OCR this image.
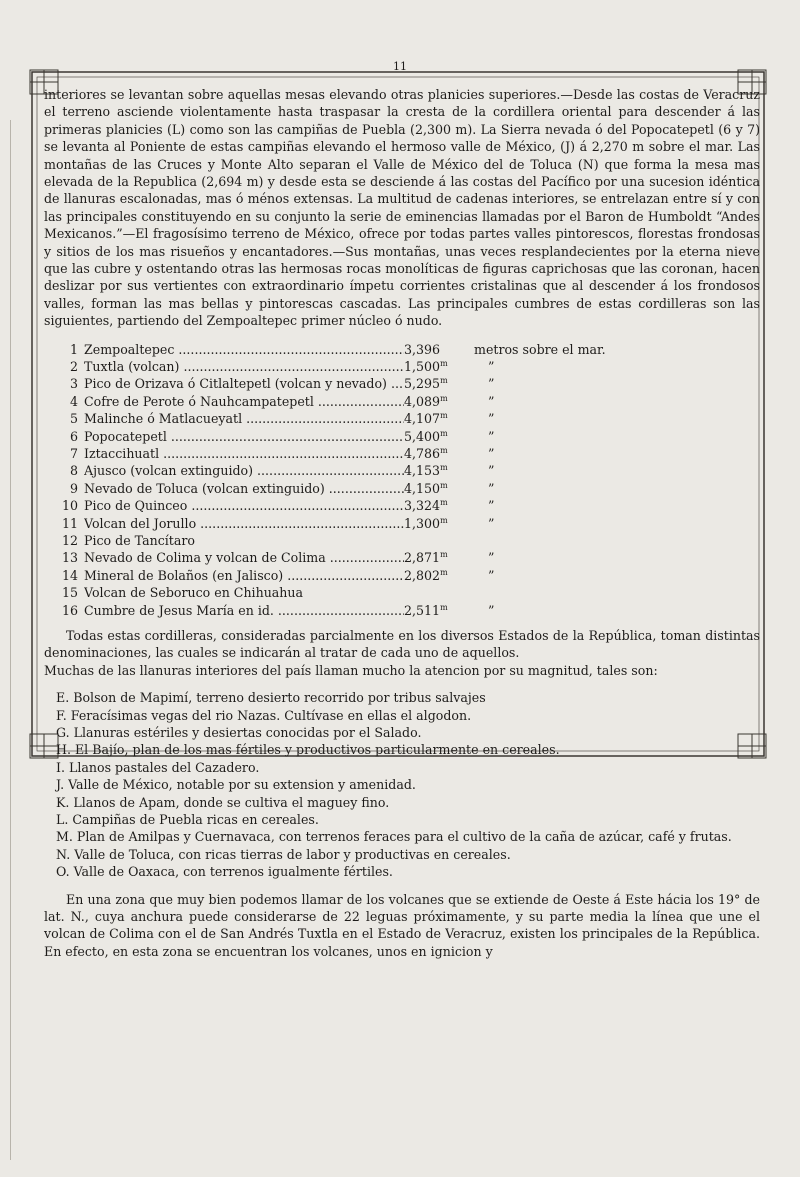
11

interiores se levantan sobre aquellas mesas elevando otras planicies superiores.—Desde las costas de Veracruz el terreno asciende violentamente hasta traspasar la cresta de la cordillera oriental para descender á las primeras planicies (L) como son las campiñas de Puebla (2,300 m). La Sierra nevada ó del Popocatepetl (6 y 7) se levanta al Poniente de estas campiñas elevando el hermoso valle de México, (J) á 2,270 m sobre el mar. Las montañas de las Cruces y Monte Alto separan el Valle de México del de Toluca (N) que forma la mesa mas elevada de la Republica (2,694 m) y desde esta se desciende á las costas del Pacífico por una sucesion idéntica de llanuras escalonadas, mas ó ménos extensas. La multitud de cadenas interiores, se entrelazan entre sí y con las principales constituyendo en su conjunto la serie de eminencias llamadas por el Baron de Humboldt “Andes Mexicanos.”—El fragosísimo terreno de México, ofrece por todas partes valles pintorescos, florestas frondosas y sitios de los mas risueños y encantadores.—Sus montañas, unas veces resplandecientes por la eterna nieve que las cubre y ostentando otras las hermosas rocas monolíticas de figuras caprichosas que las coronan, hacen deslizar por sus vertientes con extraordinario ímpetu corrientes cristalinas que al descender á los frondosos valles, forman las mas bellas y pintorescas cascadas. Las principales cumbres de estas cordilleras son las siguientes, partiendo del Zempoaltepec primer núcleo ó nudo.

1 Zempoaltepec .....	3,396	metros sobre el mar.
2 Tuxtla (volcan) .....	1,500$^m$	”
3 Pico de Orizava ó Citlaltepetl (volcan y nevado) .....	5,295$^m$	”
4 Cofre de Perote ó Nauhcampatepetl .....	4,089$^m$	”
5 Malinche ó Matlacueyatl .....	4,107$^m$	”
6 Popocatepetl .....	5,400$^m$	”
7 Iztaccihuatl .....	4,786$^m$	”
8 Ajusco (volcan extinguido) .....	4,153$^m$	”
9 Nevado de Toluca (volcan extinguido) .....	4,150$^m$	”
10 Pico de Quinceo .....	3,324$^m$	”
11 Volcan del Jorullo .....	1,300$^m$	”
12 Pico de Tancítaro
13 Nevado de Colima y volcan de Colima .....	2,871$^m$	”
14 Mineral de Bolaños (en Jalisco) .....	2,802$^m$	”
15 Volcan de Seboruco en Chihuahua
16 Cumbre de Jesus María en id. .....	2,511$^m$	”

Todas estas cordilleras, consideradas parcialmente en los diversos Estados de la República, toman distintas denominaciones, las cuales se indicarán al tratar de cada uno de aquellos.

Muchas de las llanuras interiores del país llaman mucho la atencion por su magnitud, tales son:

E. Bolson de Mapimí, terreno desierto recorrido por tribus salvajes
F. Feracísimas vegas del rio Nazas. Cultívase en ellas el algodon.
G. Llanuras estériles y desiertas conocidas por el Salado.
H. El Bajío, plan de los mas fértiles y productivos particularmente en cereales.
I. Llanos pastales del Cazadero.
J. Valle de México, notable por su extension y amenidad.
K. Llanos de Apam, donde se cultiva el maguey fino.
L. Campiñas de Puebla ricas en cereales.
M. Plan de Amilpas y Cuernavaca, con terrenos feraces para el cultivo de la caña de azúcar, café y frutas.
N. Valle de Toluca, con ricas tierras de labor y productivas en cereales.
O. Valle de Oaxaca, con terrenos igualmente fértiles.

En una zona que muy bien podemos llamar de los volcanes que se extiende de Oeste á Este hácia los 19° de lat. N., cuya anchura puede considerarse de 22 leguas próximamente, y su parte media la línea que une el volcan de Colima con el de San Andrés Tuxtla en el Estado de Veracruz, existen los principales de la República. En efecto, en esta zona se encuentran los volcanes, unos en ignicion y
